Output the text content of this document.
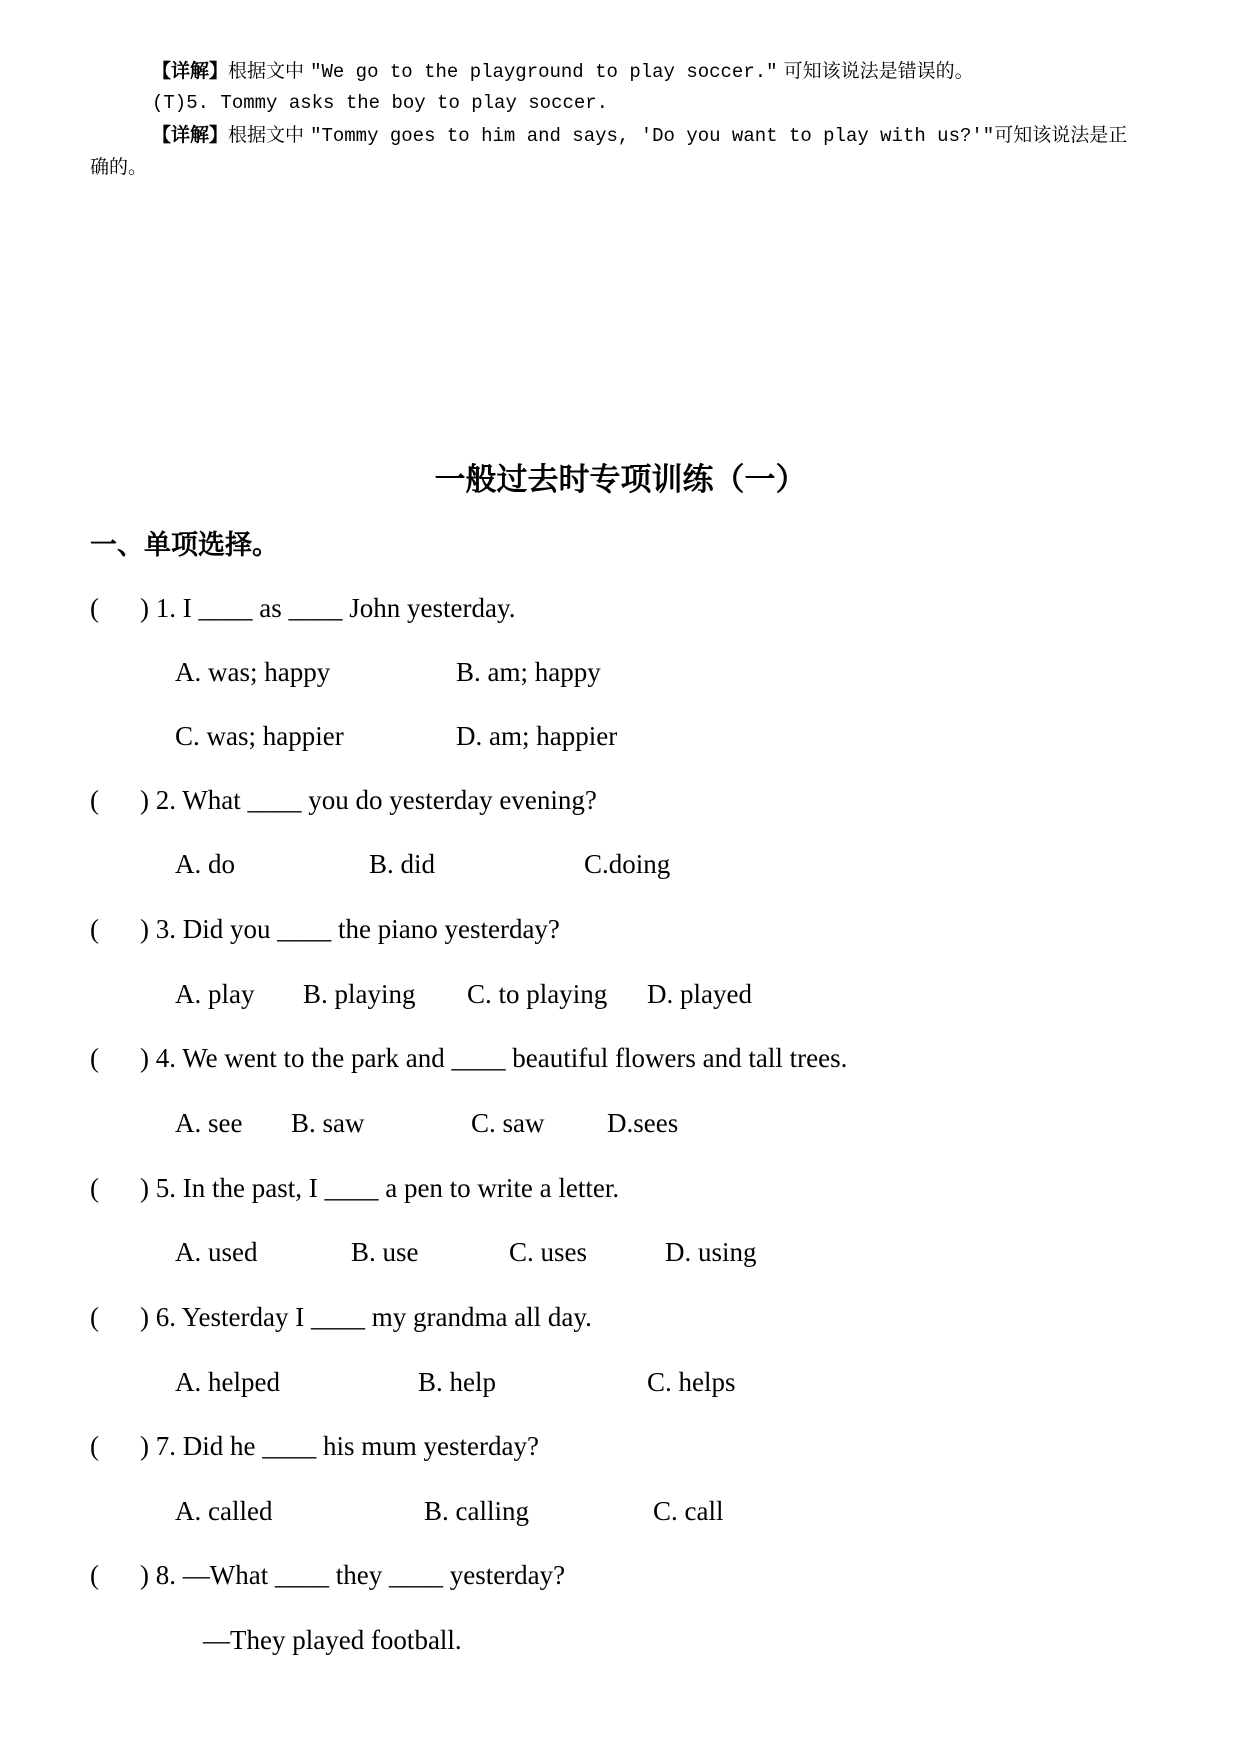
【详解】根据文中 "We go to the playground to play soccer." 可知该说法是错误的。
(T)5. Tommy asks the boy to play soccer.
【详解】根据文中 "Tommy goes to him and says, 'Do you want to play with us?'"可知该说法是正
确的。
一般过去时专项训练（一）
一、单项选择。
( ) 1. I ____ as ____ John yesterday.
A. was; happy	B. am; happy
C. was; happier	D. am; happier
( ) 2. What ____ you do yesterday evening?
A. do	B. did	C.doing
( ) 3. Did you ____ the piano yesterday?
A. play B. playing C. to playing D. played
( ) 4. We went to the park and ____ beautiful flowers and tall trees.
A. see B. saw	C. saw D.sees
( ) 5. In the past, I ____ a pen to write a letter.
A. used	B. use	C. uses	D. using
( ) 6. Yesterday I ____ my grandma all day.
A. helped	B. help	C. helps
( ) 7. Did he ____ his mum yesterday?
A. called	B. calling	C. call
( ) 8. —What ____ they ____ yesterday?
—They played football.
